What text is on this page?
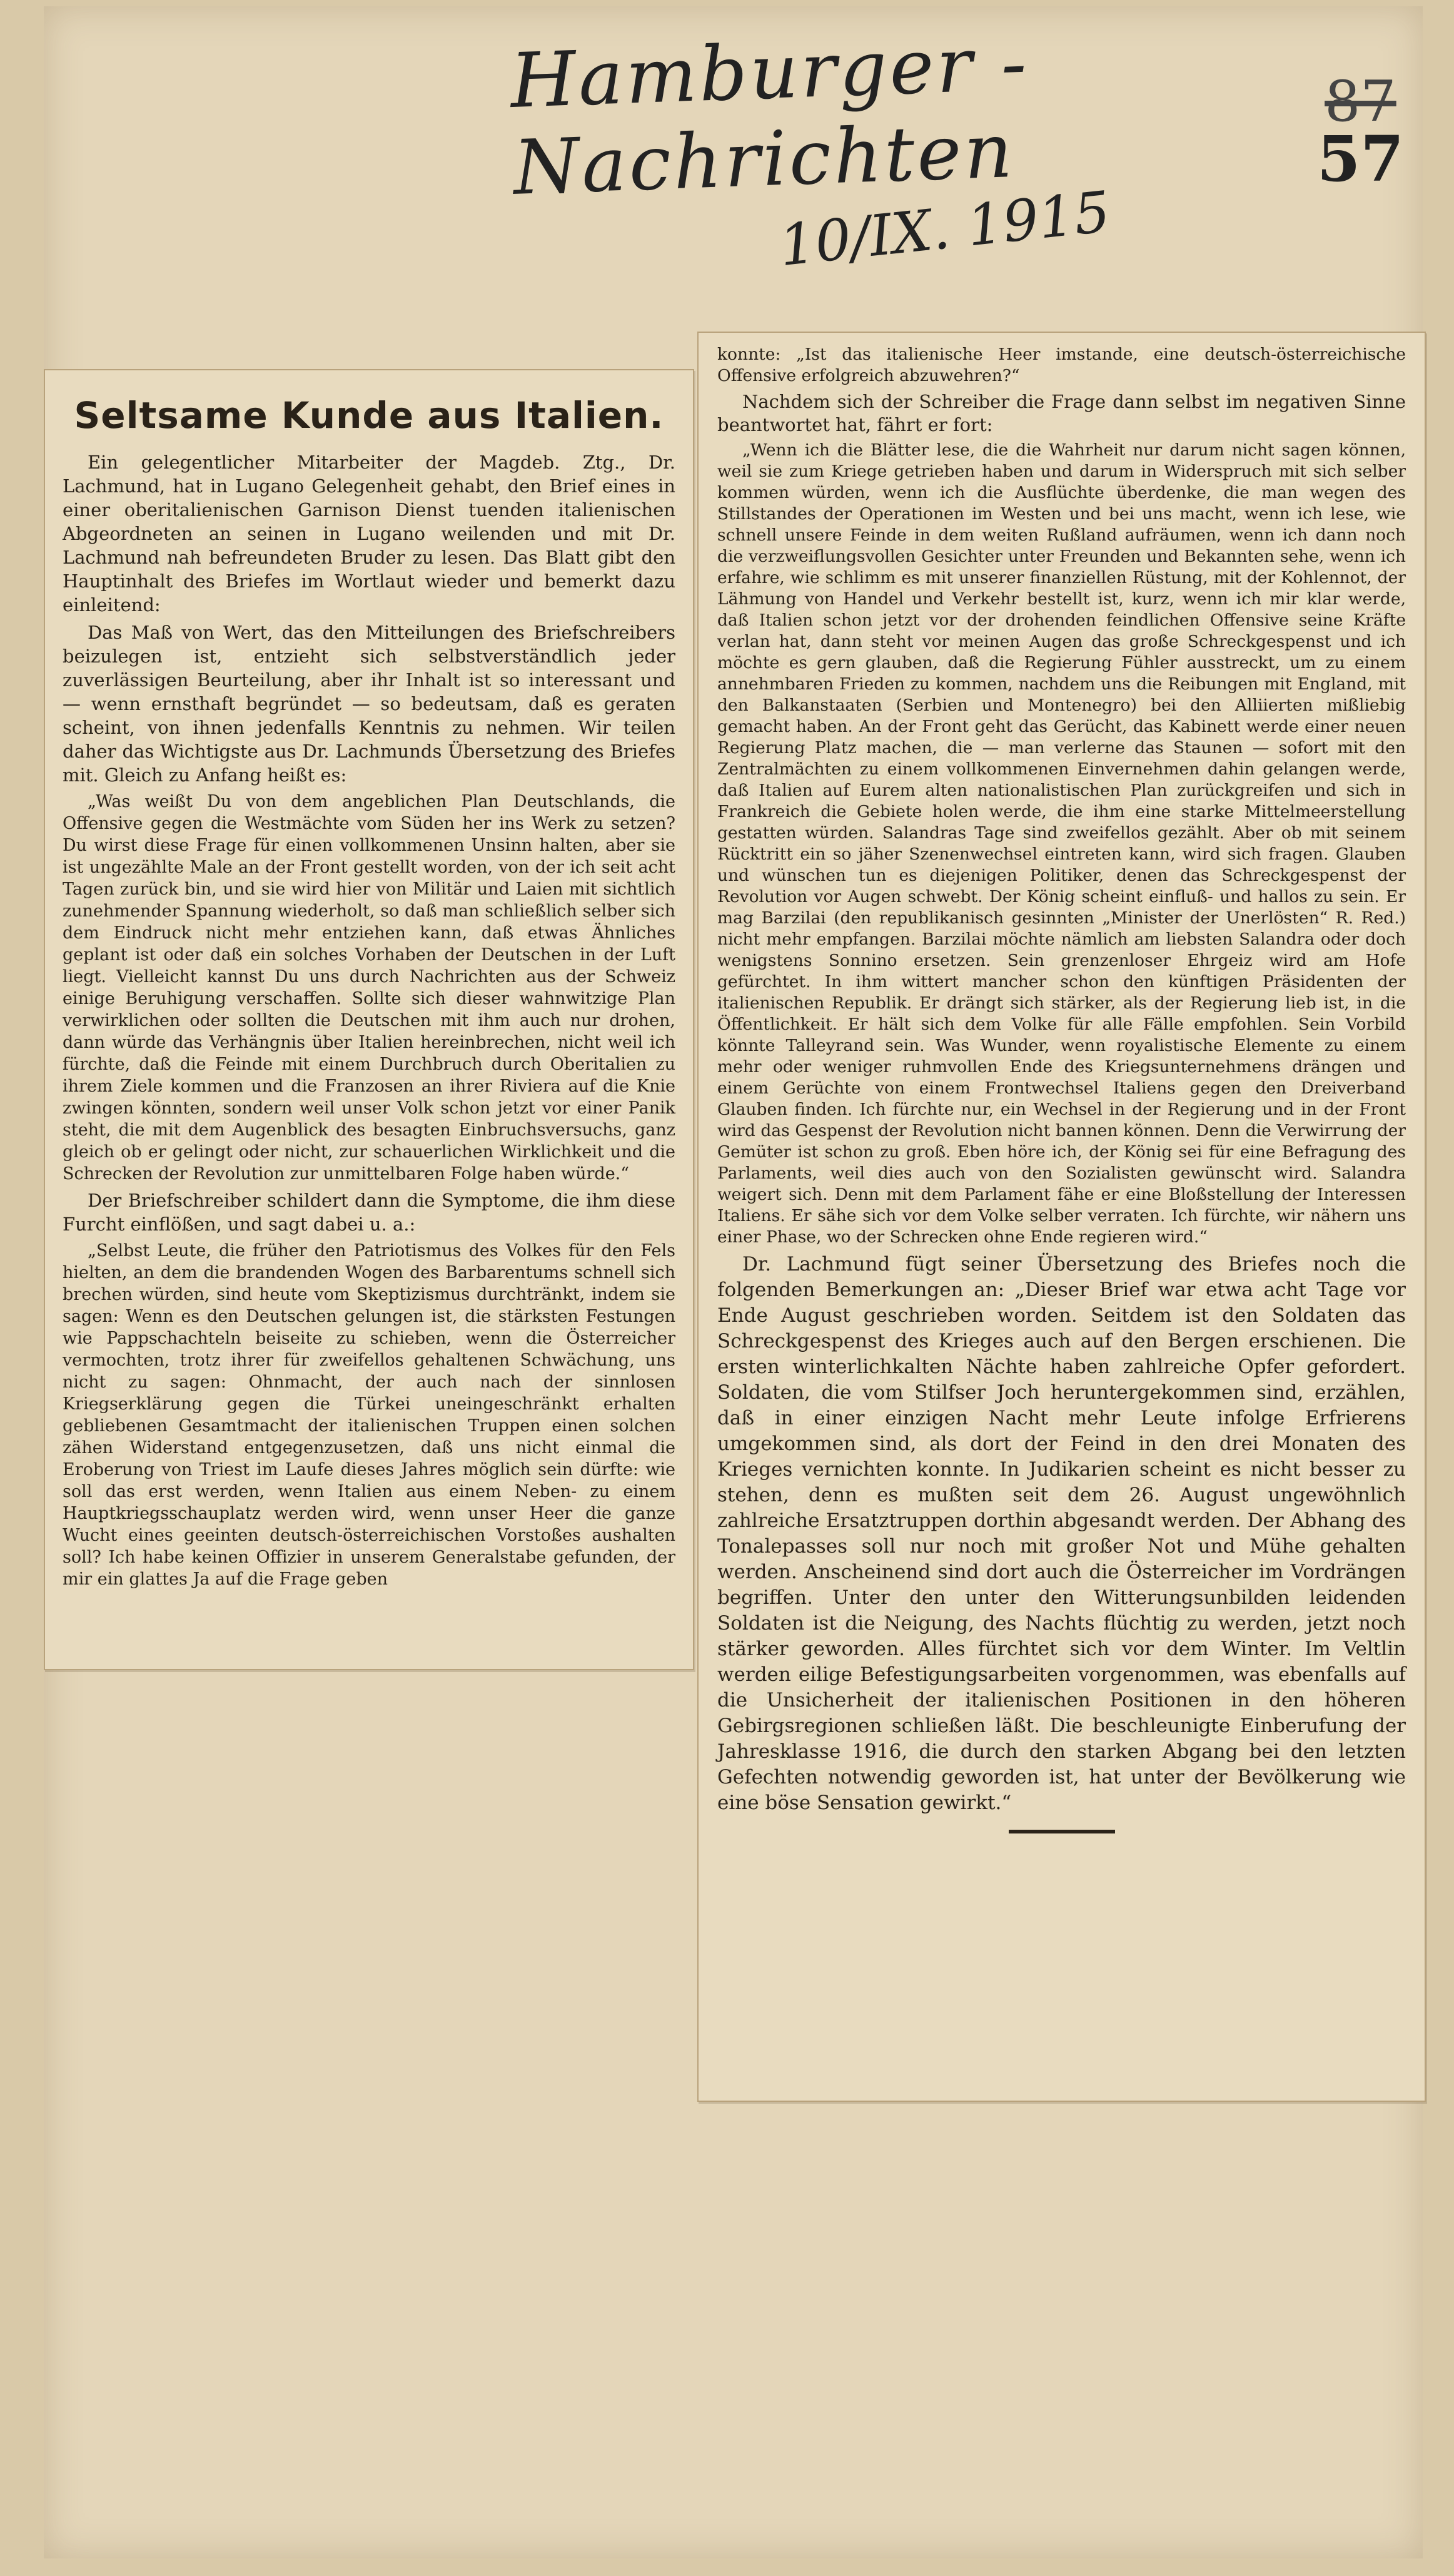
Hamburger - Nachrichten
10/IX. 1915
87
57
Seltsame Kunde aus Italien.

Ein gelegentlicher Mitarbeiter der Magdeb. Ztg., Dr. Lachmund, hat in Lugano Gelegenheit gehabt, den Brief eines in einer oberitalienischen Garnison Dienst tuenden italienischen Abgeordneten an seinen in Lugano weilenden und mit Dr. Lachmund nah befreundeten Bruder zu lesen. Das Blatt gibt den Hauptinhalt des Briefes im Wortlaut wieder und bemerkt dazu einleitend:

Das Maß von Wert, das den Mitteilungen des Briefschreibers beizulegen ist, entzieht sich selbstverständlich jeder zuverlässigen Beurteilung, aber ihr Inhalt ist so interessant und — wenn ernsthaft begründet — so bedeutsam, daß es geraten scheint, von ihnen jedenfalls Kenntnis zu nehmen. Wir teilen daher das Wichtigste aus Dr. Lachmunds Übersetzung des Briefes mit. Gleich zu Anfang heißt es:

„Was weißt Du von dem angeblichen Plan Deutschlands, die Offensive gegen die Westmächte vom Süden her ins Werk zu setzen? Du wirst diese Frage für einen vollkommenen Unsinn halten, aber sie ist ungezählte Male an der Front gestellt worden, von der ich seit acht Tagen zurück bin, und sie wird hier von Militär und Laien mit sichtlich zunehmender Spannung wiederholt, so daß man schließlich selber sich dem Eindruck nicht mehr entziehen kann, daß etwas Ähnliches geplant ist oder daß ein solches Vorhaben der Deutschen in der Luft liegt. Vielleicht kannst Du uns durch Nachrichten aus der Schweiz einige Beruhigung verschaffen. Sollte sich dieser wahnwitzige Plan verwirklichen oder sollten die Deutschen mit ihm auch nur drohen, dann würde das Verhängnis über Italien hereinbrechen, nicht weil ich fürchte, daß die Feinde mit einem Durchbruch durch Oberitalien zu ihrem Ziele kommen und die Franzosen an ihrer Riviera auf die Knie zwingen könnten, sondern weil unser Volk schon jetzt vor einer Panik steht, die mit dem Augenblick des besagten Einbruchsversuchs, ganz gleich ob er gelingt oder nicht, zur schauerlichen Wirklichkeit und die Schrecken der Revolution zur unmittelbaren Folge haben würde.“

Der Briefschreiber schildert dann die Symptome, die ihm diese Furcht einflößen, und sagt dabei u. a.:

„Selbst Leute, die früher den Patriotismus des Volkes für den Fels hielten, an dem die brandenden Wogen des Barbarentums schnell sich brechen würden, sind heute vom Skeptizismus durchtränkt, indem sie sagen: Wenn es den Deutschen gelungen ist, die stärksten Festungen wie Pappschachteln beiseite zu schieben, wenn die Österreicher vermochten, trotz ihrer für zweifellos gehaltenen Schwächung, uns nicht zu sagen: Ohnmacht, der auch nach der sinnlosen Kriegserklärung gegen die Türkei uneingeschränkt erhalten gebliebenen Gesamtmacht der italienischen Truppen einen solchen zähen Widerstand entgegenzusetzen, daß uns nicht einmal die Eroberung von Triest im Laufe dieses Jahres möglich sein dürfte: wie soll das erst werden, wenn Italien aus einem Neben- zu einem Hauptkriegsschauplatz werden wird, wenn unser Heer die ganze Wucht eines geeinten deutsch-österreichischen Vorstoßes aushalten soll? Ich habe keinen Offizier in unserem Generalstabe gefunden, der mir ein glattes Ja auf die Frage geben

konnte: „Ist das italienische Heer imstande, eine deutsch-österreichische Offensive erfolgreich abzuwehren?“

Nachdem sich der Schreiber die Frage dann selbst im negativen Sinne beantwortet hat, fährt er fort:

„Wenn ich die Blätter lese, die die Wahrheit nur darum nicht sagen können, weil sie zum Kriege getrieben haben und darum in Widerspruch mit sich selber kommen würden, wenn ich die Ausflüchte überdenke, die man wegen des Stillstandes der Operationen im Westen und bei uns macht, wenn ich lese, wie schnell unsere Feinde in dem weiten Rußland aufräumen, wenn ich dann noch die verzweiflungsvollen Gesichter unter Freunden und Bekannten sehe, wenn ich erfahre, wie schlimm es mit unserer finanziellen Rüstung, mit der Kohlennot, der Lähmung von Handel und Verkehr bestellt ist, kurz, wenn ich mir klar werde, daß Italien schon jetzt vor der drohenden feindlichen Offensive seine Kräfte verlan hat, dann steht vor meinen Augen das große Schreckgespenst und ich möchte es gern glauben, daß die Regierung Fühler ausstreckt, um zu einem annehmbaren Frieden zu kommen, nachdem uns die Reibungen mit England, mit den Balkanstaaten (Serbien und Montenegro) bei den Alliierten mißliebig gemacht haben. An der Front geht das Gerücht, das Kabinett werde einer neuen Regierung Platz machen, die — man verlerne das Staunen — sofort mit den Zentralmächten zu einem vollkommenen Einvernehmen dahin gelangen werde, daß Italien auf Eurem alten nationalistischen Plan zurückgreifen und sich in Frankreich die Gebiete holen werde, die ihm eine starke Mittelmeerstellung gestatten würden. Salandras Tage sind zweifellos gezählt. Aber ob mit seinem Rücktritt ein so jäher Szenenwechsel eintreten kann, wird sich fragen. Glauben und wünschen tun es diejenigen Politiker, denen das Schreckgespenst der Revolution vor Augen schwebt. Der König scheint einfluß- und hallos zu sein. Er mag Barzilai (den republikanisch gesinnten „Minister der Unerlösten“ R. Red.) nicht mehr empfangen. Barzilai möchte nämlich am liebsten Salandra oder doch wenigstens Sonnino ersetzen. Sein grenzenloser Ehrgeiz wird am Hofe gefürchtet. In ihm wittert mancher schon den künftigen Präsidenten der italienischen Republik. Er drängt sich stärker, als der Regierung lieb ist, in die Öffentlichkeit. Er hält sich dem Volke für alle Fälle empfohlen. Sein Vorbild könnte Talleyrand sein. Was Wunder, wenn royalistische Elemente zu einem mehr oder weniger ruhmvollen Ende des Kriegsunternehmens drängen und einem Gerüchte von einem Frontwechsel Italiens gegen den Dreiverband Glauben finden. Ich fürchte nur, ein Wechsel in der Regierung und in der Front wird das Gespenst der Revolution nicht bannen können. Denn die Verwirrung der Gemüter ist schon zu groß. Eben höre ich, der König sei für eine Befragung des Parlaments, weil dies auch von den Sozialisten gewünscht wird. Salandra weigert sich. Denn mit dem Parlament fähe er eine Bloßstellung der Interessen Italiens. Er sähe sich vor dem Volke selber verraten. Ich fürchte, wir nähern uns einer Phase, wo der Schrecken ohne Ende regieren wird.“

Dr. Lachmund fügt seiner Übersetzung des Briefes noch die folgenden Bemerkungen an: „Dieser Brief war etwa acht Tage vor Ende August geschrieben worden. Seitdem ist den Soldaten das Schreckgespenst des Krieges auch auf den Bergen erschienen. Die ersten winterlichkalten Nächte haben zahlreiche Opfer gefordert. Soldaten, die vom Stilfser Joch heruntergekommen sind, erzählen, daß in einer einzigen Nacht mehr Leute infolge Erfrierens umgekommen sind, als dort der Feind in den drei Monaten des Krieges vernichten konnte. In Judikarien scheint es nicht besser zu stehen, denn es mußten seit dem 26. August ungewöhnlich zahlreiche Ersatztruppen dorthin abgesandt werden. Der Abhang des Tonalepasses soll nur noch mit großer Not und Mühe gehalten werden. Anscheinend sind dort auch die Österreicher im Vordrängen begriffen. Unter den unter den Witterungsunbilden leidenden Soldaten ist die Neigung, des Nachts flüchtig zu werden, jetzt noch stärker geworden. Alles fürchtet sich vor dem Winter. Im Veltlin werden eilige Befestigungsarbeiten vorgenommen, was ebenfalls auf die Unsicherheit der italienischen Positionen in den höheren Gebirgsregionen schließen läßt. Die beschleunigte Einberufung der Jahresklasse 1916, die durch den starken Abgang bei den letzten Gefechten notwendig geworden ist, hat unter der Bevölkerung wie eine böse Sensation gewirkt.“
